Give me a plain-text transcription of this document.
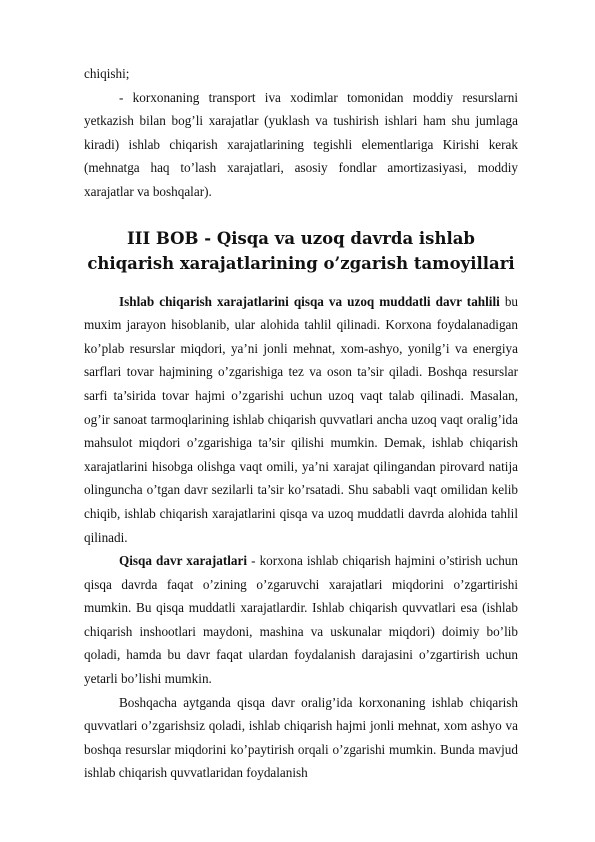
chiqishi;

- korxonaning transport iva xodimlar tomonidan moddiy resurslarni yetkazish bilan bog’li xarajatlar (yuklash va tushirish ishlari ham shu jumlaga kiradi) ishlab chiqarish xarajatlarining tegishli elementlariga Kirishi kerak (mehnatga haq to’lash xarajatlari, asosiy fondlar amortizasiyasi, moddiy xarajatlar va boshqalar).

III BOB - Qisqa va uzoq davrda ishlab chiqarish xarajatlarining o’zgarish tamoyillari

Ishlab chiqarish xarajatlarini qisqa va uzoq muddatli davr tahlili bu muxim jarayon hisoblanib, ular alohida tahlil qilinadi. Korxona foydalanadigan ko’plab resurslar miqdori, ya’ni jonli mehnat, xom-ashyo, yonilg’i va energiya sarflari tovar hajmining o’zgarishiga tez va oson ta’sir qiladi. Boshqa resurslar sarfi ta’sirida tovar hajmi o’zgarishi uchun uzoq vaqt talab qilinadi. Masalan, og’ir sanoat tarmoqlarining ishlab chiqarish quvvatlari ancha uzoq vaqt oralig’ida mahsulot miqdori o’zgarishiga ta’sir qilishi mumkin. Demak, ishlab chiqarish xarajatlarini hisobga olishga vaqt omili, ya’ni xarajat qilingandan pirovard natija olinguncha o’tgan davr sezilarli ta’sir ko’rsatadi. Shu sababli vaqt omilidan kelib chiqib, ishlab chiqarish xarajatlarini qisqa va uzoq muddatli davrda alohida tahlil qilinadi.

Qisqa davr xarajatlari - korxona ishlab chiqarish hajmini o’stirish uchun qisqa davrda faqat o’zining o’zgaruvchi xarajatlari miqdorini o’zgartirishi mumkin. Bu qisqa muddatli xarajatlardir. Ishlab chiqarish quvvatlari esa (ishlab chiqarish inshootlari maydoni, mashina va uskunalar miqdori) doimiy bo’lib qoladi, hamda bu davr faqat ulardan foydalanish darajasini o’zgartirish uchun yetarli bo’lishi mumkin.

Boshqacha aytganda qisqa davr oralig’ida korxonaning ishlab chiqarish quvvatlari o’zgarishsiz qoladi, ishlab chiqarish hajmi jonli mehnat, xom ashyo va boshqa resurslar miqdorini ko’paytirish orqali o’zgarishi mumkin. Bunda mavjud ishlab chiqarish quvvatlaridan foydalanish
